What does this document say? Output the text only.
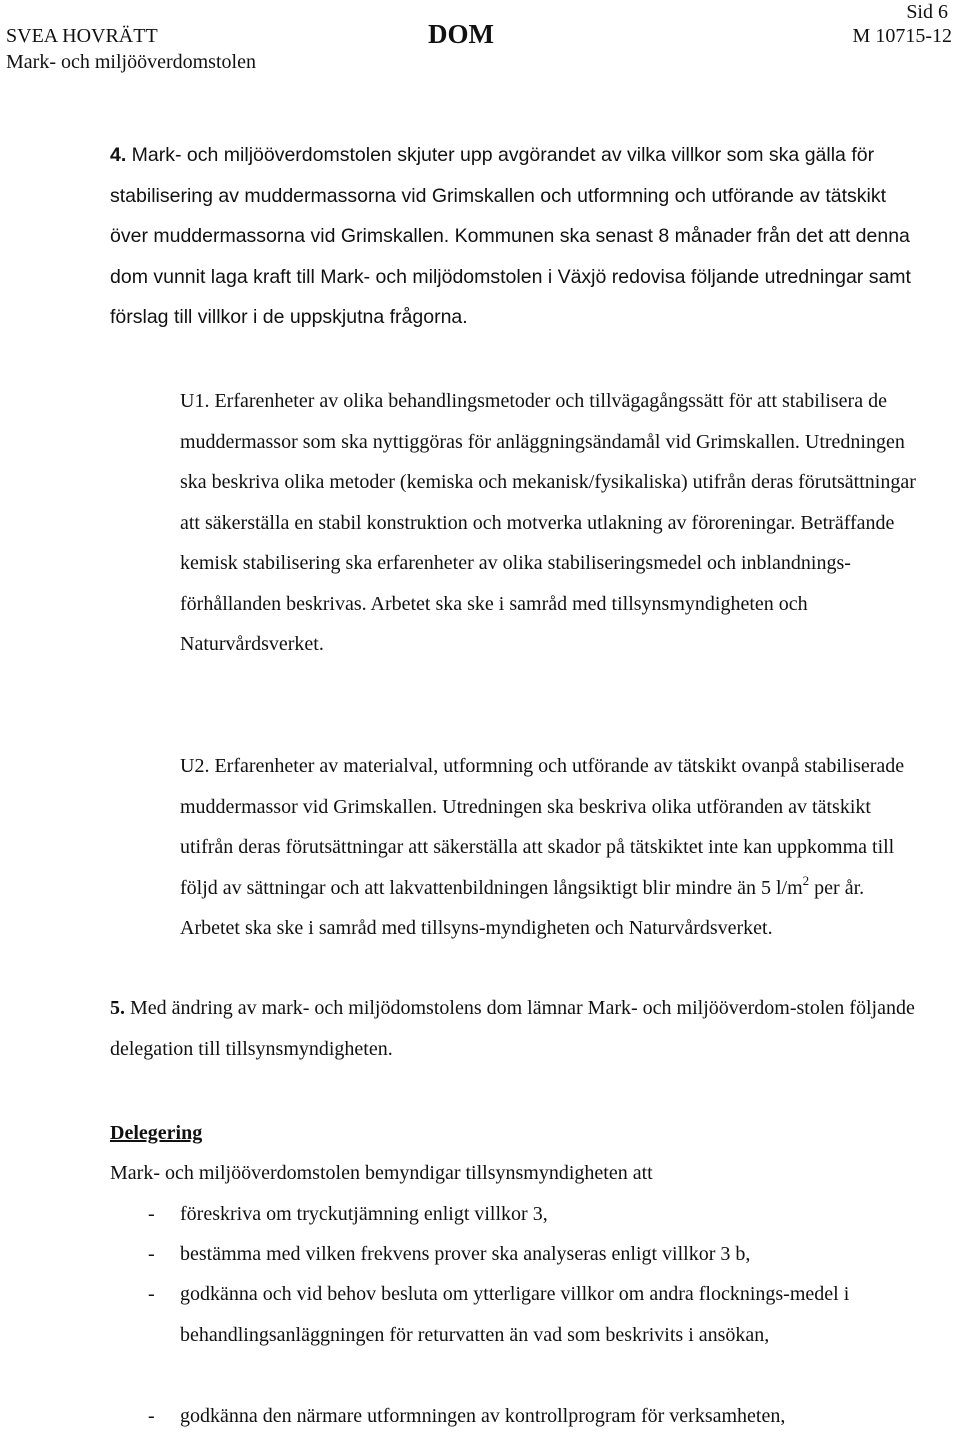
SVEA HOVRÄTT
Mark- och miljööverdomstolen
DOM
Sid 6
M 10715-12

4. Mark- och miljööverdomstolen skjuter upp avgörandet av vilka villkor som ska gälla för stabilisering av muddermassorna vid Grimskallen och utformning och utförande av tätskikt över muddermassorna vid Grimskallen. Kommunen ska senast 8 månader från det att denna dom vunnit laga kraft till Mark- och miljödomstolen i Växjö redovisa följande utredningar samt förslag till villkor i de uppskjutna frågorna.

U1. Erfarenheter av olika behandlingsmetoder och tillvägagångssätt för att stabilisera de muddermassor som ska nyttiggöras för anläggningsändamål vid Grimskallen. Utredningen ska beskriva olika metoder (kemiska och mekanisk/fysikaliska) utifrån deras förutsättningar att säkerställa en stabil konstruktion och motverka utlakning av föroreningar. Beträffande kemisk stabilisering ska erfarenheter av olika stabiliseringsmedel och inblandnings-förhållanden beskrivas. Arbetet ska ske i samråd med tillsynsmyndigheten och Naturvårdsverket.

U2. Erfarenheter av materialval, utformning och utförande av tätskikt ovanpå stabiliserade muddermassor vid Grimskallen. Utredningen ska beskriva olika utföranden av tätskikt utifrån deras förutsättningar att säkerställa att skador på tätskiktet inte kan uppkomma till följd av sättningar och att lakvattenbildningen långsiktigt blir mindre än 5 $l/m^2$ per år. Arbetet ska ske i samråd med tillsyns-myndigheten och Naturvårdsverket.

5. Med ändring av mark- och miljödomstolens dom lämnar Mark- och miljööverdom-stolen följande delegation till tillsynsmyndigheten.

Delegering
Mark- och miljööverdomstolen bemyndigar tillsynsmyndigheten att
- föreskriva om tryckutjämning enligt villkor 3,
- bestämma med vilken frekvens prover ska analyseras enligt villkor 3 b,
- godkänna och vid behov besluta om ytterligare villkor om andra flocknings-medel i behandlingsanläggningen för returvatten än vad som beskrivits i ansökan,
- godkänna den närmare utformningen av kontrollprogram för verksamheten,
